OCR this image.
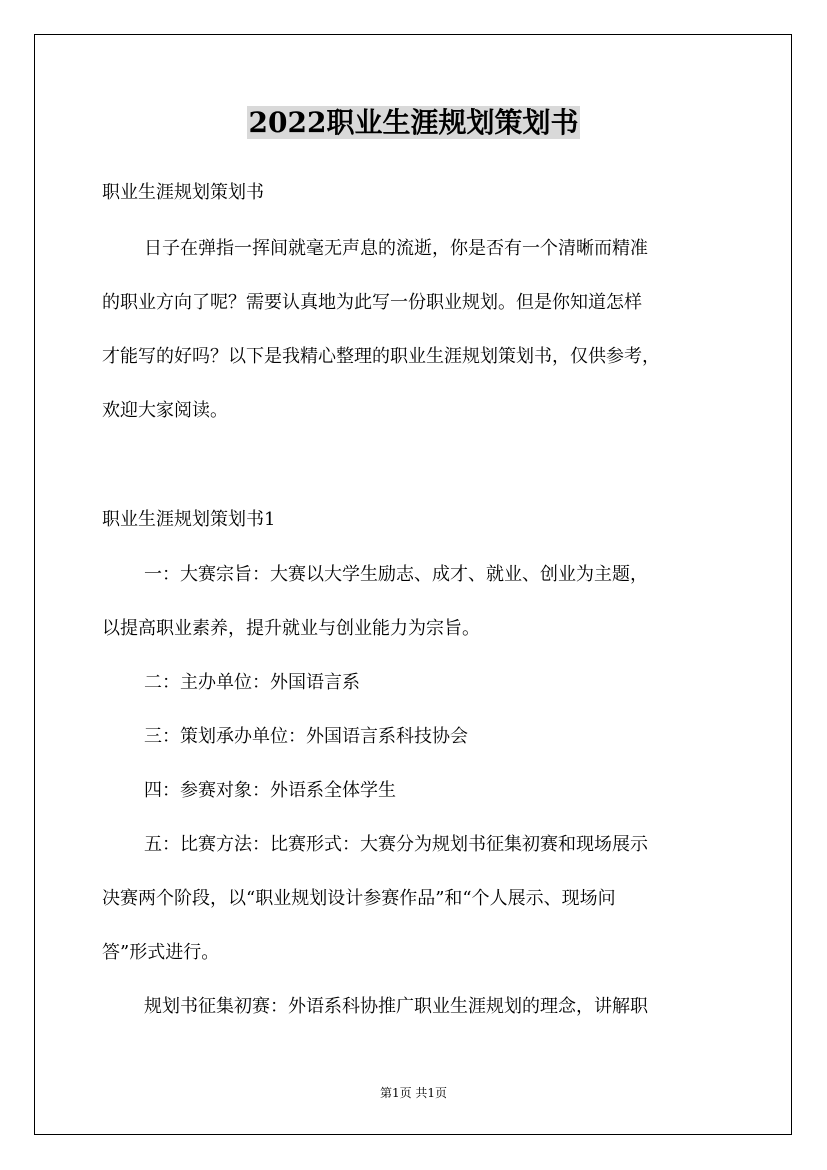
2022职业生涯规划策划书
职业生涯规划策划书
日子在弹指一挥间就毫无声息的流逝，你是否有一个清晰而精准
的职业方向了呢？需要认真地为此写一份职业规划。但是你知道怎样
才能写的好吗？以下是我精心整理的职业生涯规划策划书，仅供参考，
欢迎大家阅读。
职业生涯规划策划书1
一：大赛宗旨：大赛以大学生励志、成才、就业、创业为主题，
以提高职业素养，提升就业与创业能力为宗旨。
二：主办单位：外国语言系
三：策划承办单位：外国语言系科技协会
四：参赛对象：外语系全体学生
五：比赛方法：比赛形式：大赛分为规划书征集初赛和现场展示
决赛两个阶段，以“职业规划设计参赛作品”和“个人展示、现场问
答”形式进行。
规划书征集初赛：外语系科协推广职业生涯规划的理念，讲解职
第1页 共1页
